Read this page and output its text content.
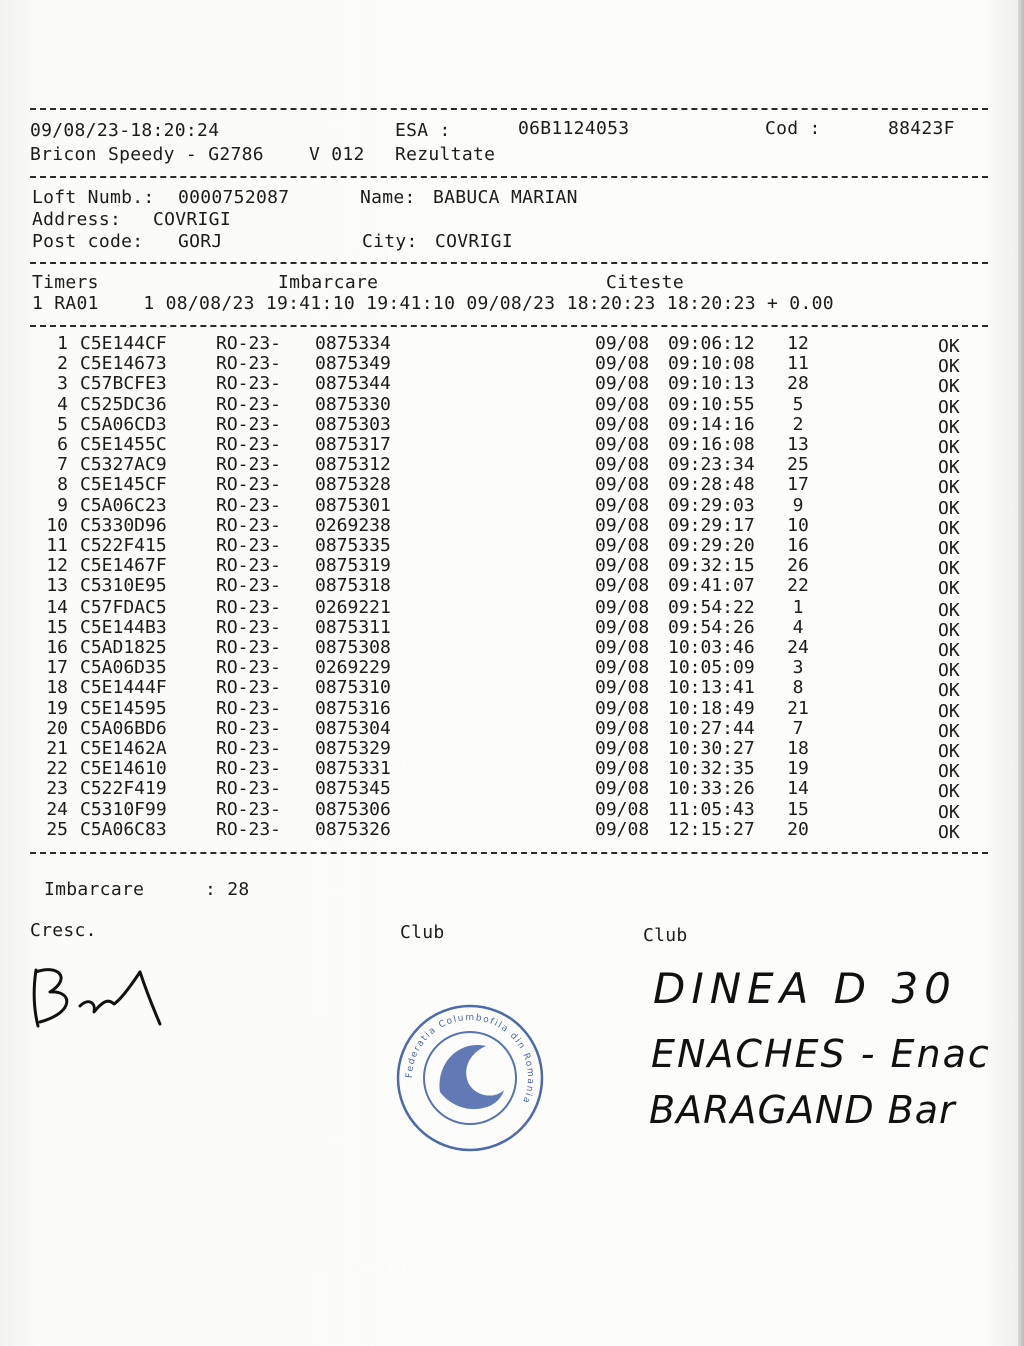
09/08/23-18:20:24	ESA :	06B1124053	Cod :	88423F
Bricon Speedy - G2786	V 012 Rezultate
Loft Numb.: 0000752087	Name: BABUCA MARIAN
Address: COVRIGI
Post code: GORJ	City: COVRIGI
Timers	Imbarcare	Citeste
1 RA01    1 08/08/23 19:41:10 19:41:10 09/08/23 18:20:23 18:20:23 + 0.00
1 C5E144CF	RO-23- 0875334	09/08 09:06:12	12	OK
2 C5E14673	RO-23- 0875349	09/08 09:10:08	11	OK
3 C57BCFE3	RO-23- 0875344	09/08 09:10:13	28	OK
4 C525DC36	RO-23- 0875330	09/08 09:10:55	5	OK
5 C5A06CD3	RO-23- 0875303	09/08 09:14:16	2	OK
6 C5E1455C	RO-23- 0875317	09/08 09:16:08	13	OK
7 C5327AC9	RO-23- 0875312	09/08 09:23:34	25	OK
8 C5E145CF	RO-23- 0875328	09/08 09:28:48	17	OK
9 C5A06C23	RO-23- 0875301	09/08 09:29:03	9	OK
10 C5330D96	RO-23- 0269238	09/08 09:29:17	10	OK
11 C522F415	RO-23- 0875335	09/08 09:29:20	16	OK
12 C5E1467F	RO-23- 0875319	09/08 09:32:15	26	OK
13 C5310E95	RO-23- 0875318	09/08 09:41:07	22	OK
14 C57FDAC5	RO-23- 0269221	09/08 09:54:22	1	OK
15 C5E144B3	RO-23- 0875311	09/08 09:54:26	4	OK
16 C5AD1825	RO-23- 0875308	09/08 10:03:46	24	OK
17 C5A06D35	RO-23- 0269229	09/08 10:05:09	3	OK
18 C5E1444F	RO-23- 0875310	09/08 10:13:41	8	OK
19 C5E14595	RO-23- 0875316	09/08 10:18:49	21	OK
20 C5A06BD6	RO-23- 0875304	09/08 10:27:44	7	OK
21 C5E1462A	RO-23- 0875329	09/08 10:30:27	18	OK
22 C5E14610	RO-23- 0875331	09/08 10:32:35	19	OK
23 C522F419	RO-23- 0875345	09/08 10:33:26	14	OK
24 C5310F99	RO-23- 0875306	09/08 11:05:43	15	OK
25 C5A06C83	RO-23- 0875326	09/08 12:15:27	20	OK
Imbarcare	: 28
Cresc.	Club	Club
Federatia Columbofila din Romania
DINEA D 30
ENACHES - Enac
BARAGAND Bar
